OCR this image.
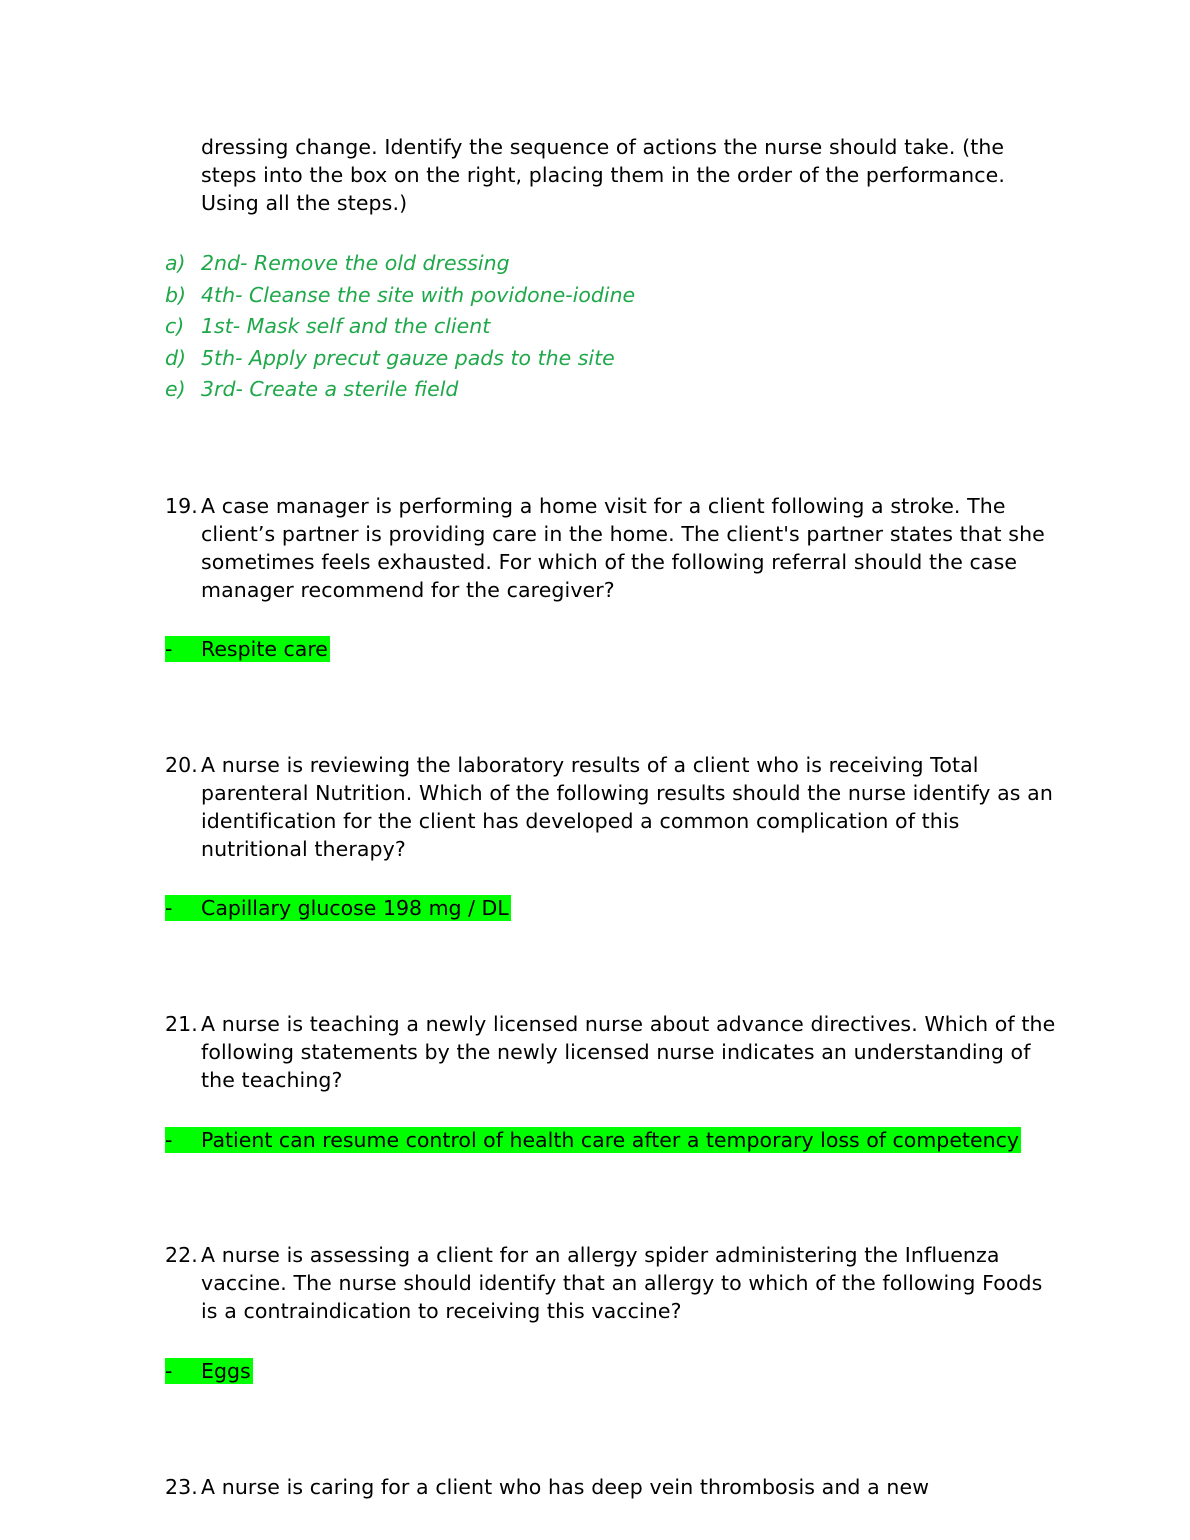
dressing change. Identify the sequence of actions the nurse should take. (the steps into the box on the right, placing them in the order of the performance. Using all the steps.)
a) 2nd- Remove the old dressing
b) 4th- Cleanse the site with povidone-iodine
c) 1st- Mask self and the client
d) 5th- Apply precut gauze pads to the site
e) 3rd- Create a sterile field
19. A case manager is performing a home visit for a client following a stroke. The client’s partner is providing care in the home. The client's partner states that she sometimes feels exhausted. For which of the following referral should the case manager recommend for the caregiver?
- Respite care
20. A nurse is reviewing the laboratory results of a client who is receiving Total parenteral Nutrition. Which of the following results should the nurse identify as an identification for the client has developed a common complication of this nutritional therapy?
- Capillary glucose 198 mg / DL
21. A nurse is teaching a newly licensed nurse about advance directives. Which of the following statements by the newly licensed nurse indicates an understanding of the teaching?
- Patient can resume control of health care after a temporary loss of competency
22. A nurse is assessing a client for an allergy spider administering the Influenza vaccine. The nurse should identify that an allergy to which of the following Foods is a contraindication to receiving this vaccine?
- Eggs
23. A nurse is caring for a client who has deep vein thrombosis and a new
